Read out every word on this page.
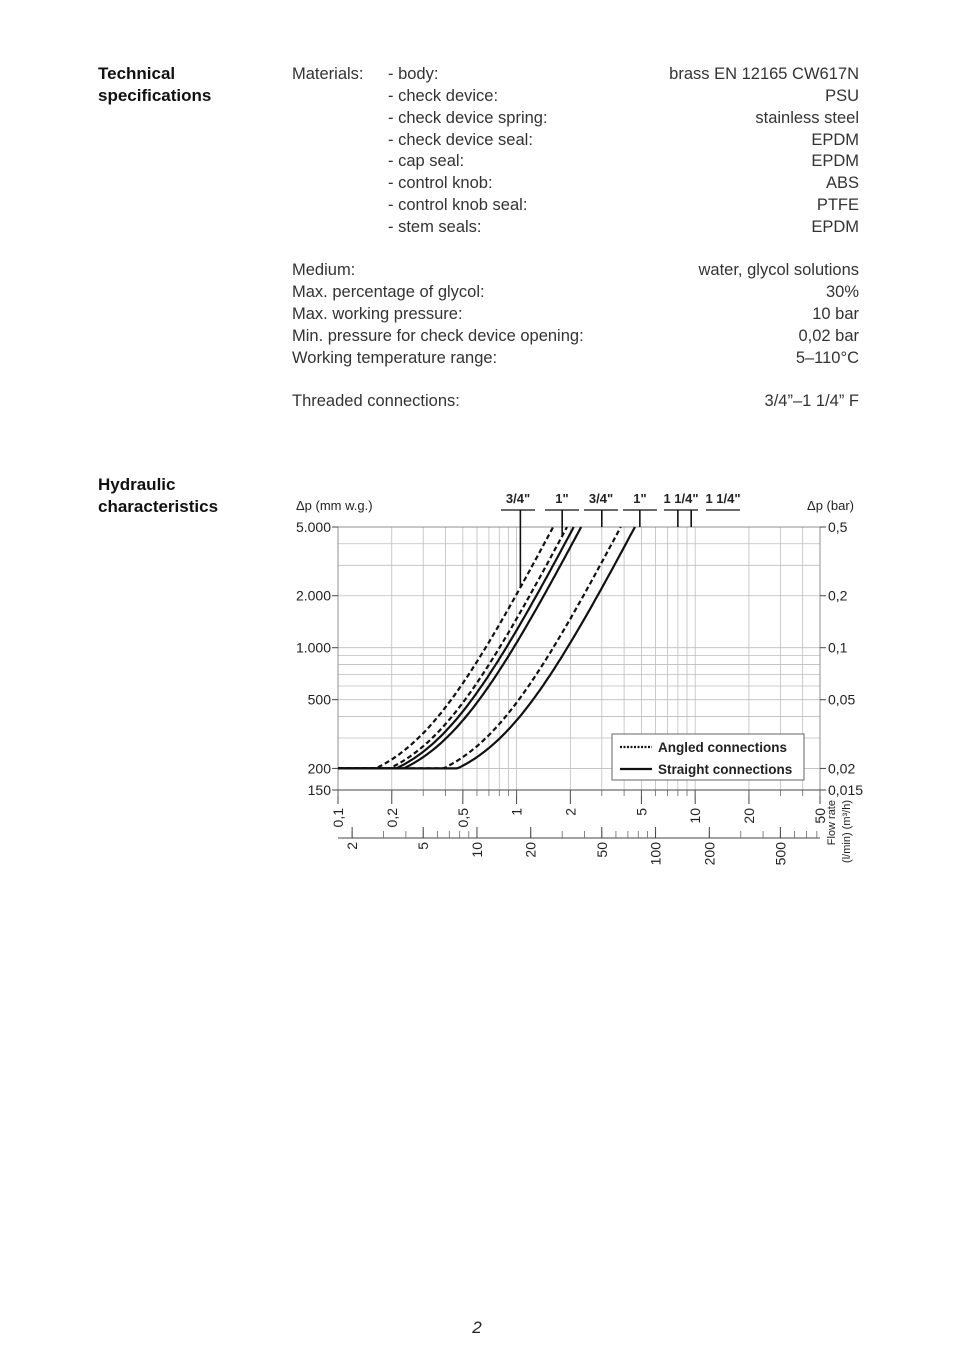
Technical
specifications
Materials: - body:	brass EN 12165 CW617N
- check device:	PSU
- check device spring:	stainless steel
- check device seal:	EPDM
- cap seal:	EPDM
- control knob:	ABS
- control knob seal:	PTFE
- stem seals:	EPDM
Medium:	water, glycol solutions
Max. percentage of glycol:	30%
Max. working pressure:	10 bar
Min. pressure for check device opening:	0,02 bar
Working temperature range:	5–110°C
Threaded connections:	3/4”–1 1/4” F
Hydraulic
characteristics	Δp (mm w.g.)	Δp (bar)
5.000	0,5
2.000	0,2
1.000	0,1
500	0,05
200	0,02
150	0,015
0,1	0,2	0,5	1	2	5	10	20	50
2	5	10	20	50	100	200	500
Flow rate (l/min) (m³/h)
3/4" 1" 3/4" 1" 1 1/4" 1 1/4"
Angled connections
Straight connections
2
